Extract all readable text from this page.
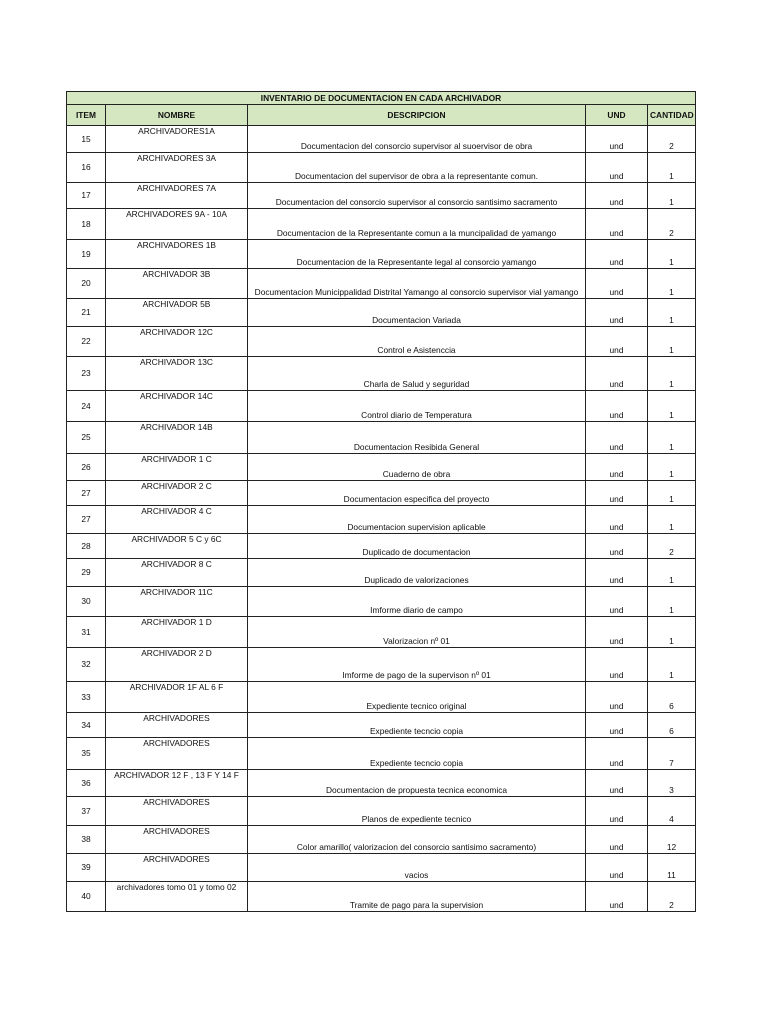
INVENTARIO DE DOCUMENTACION EN CADA ARCHIVADOR				
ITEM	NOMBRE	DESCRIPCION	UND	CANTIDAD
15	ARCHIVADORES1A	Documentacion del consorcio supervisor al suoervisor de obra	und	2
16	ARCHIVADORES 3A	Documentacion del supervisor de obra a la representante comun.	und	1
17	ARCHIVADORES 7A	Documentacion del consorcio supervisor al consorcio santisimo sacramento	und	1
18	ARCHIVADORES 9A - 10A	Documentacion de la Representante comun a la muncipalidad de yamango	und	2
19	ARCHIVADORES 1B	Documentacion de la Representante legal al consorcio yamango	und	1
20	ARCHIVADOR 3B	Documentacion Municippalidad Distrital Yamango al consorcio supervisor vial yamango	und	1
21	ARCHIVADOR 5B	Documentacion Variada	und	1
22	ARCHIVADOR 12C	Control e Asistenccia	und	1
23	ARCHIVADOR 13C	Charla de Salud y seguridad	und	1
24	ARCHIVADOR 14C	Control diario de Temperatura	und	1
25	ARCHIVADOR 14B	Documentacion Resibida General	und	1
26	ARCHIVADOR 1 C	Cuaderno de obra	und	1
27	ARCHIVADOR 2 C	Documentacion especifica del proyecto	und	1
27	ARCHIVADOR 4 C	Documentacion supervision aplicable	und	1
28	ARCHIVADOR 5 C y 6C	Duplicado de documentacion	und	2
29	ARCHIVADOR 8 C	Duplicado de valorizaciones	und	1
30	ARCHIVADOR 11C	Imforme diario de campo	und	1
31	ARCHIVADOR 1 D	Valorizacion nº 01	und	1
32	ARCHIVADOR 2 D	Imforme de pago de la supervison nº 01	und	1
33	ARCHIVADOR 1F AL 6 F	Expediente tecnico original	und	6
34	ARCHIVADORES	Expediente tecncio copia	und	6
35	ARCHIVADORES	Expediente tecncio copia	und	7
36	ARCHIVADOR 12 F , 13 F Y 14 F	Documentacion de propuesta tecnica economica	und	3
37	ARCHIVADORES	Planos de expediente tecnico	und	4
38	ARCHIVADORES	Color amarillo( valorizacion del consorcio santisimo sacramento)	und	12
39	ARCHIVADORES	vacios	und	11
40	archivadores tomo 01 y tomo 02	Tramite de pago para la supervision	und	2
